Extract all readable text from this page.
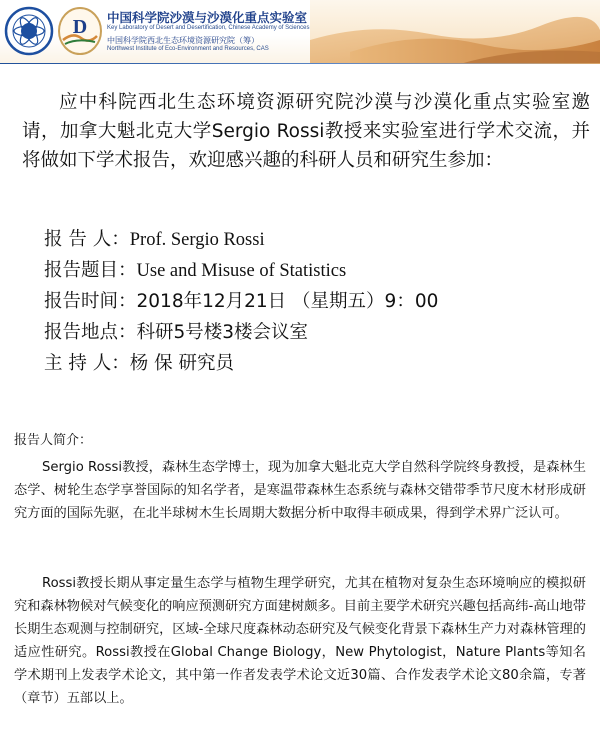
D 中国科学院沙漠与沙漠化重点实验室
Key Laboratory of Desert and Desertification, Chinese Academy of Sciences
中国科学院西北生态环境资源研究院（筹）
Northwest Institute of Eco-Environment and Resources, CAS

应中科院西北生态环境资源研究院沙漠与沙漠化重点实验室邀请，加拿大魁北克大学Sergio Rossi教授来实验室进行学术交流，并将做如下学术报告，欢迎感兴趣的科研人员和研究生参加：

报 告 人：Prof. Sergio Rossi
报告题目：Use and Misuse of Statistics
报告时间：2018年12月21日 （星期五）9：00
报告地点：科研5号楼3楼会议室
主 持 人：杨 保 研究员
报告人简介：

Sergio Rossi教授，森林生态学博士，现为加拿大魁北克大学自然科学院终身教授，是森林生态学、树轮生态学享誉国际的知名学者，是寒温带森林生态系统与森林交错带季节尺度木材形成研究方面的国际先驱，在北半球树木生长周期大数据分析中取得丰硕成果，得到学术界广泛认可。

Rossi教授长期从事定量生态学与植物生理学研究，尤其在植物对复杂生态环境响应的模拟研究和森林物候对气候变化的响应预测研究方面建树颇多。目前主要学术研究兴趣包括高纬-高山地带长期生态观测与控制研究，区域-全球尺度森林动态研究及气候变化背景下森林生产力对森林管理的适应性研究。Rossi教授在Global Change Biology，New Phytologist，Nature Plants等知名学术期刊上发表学术论文，其中第一作者发表学术论文近30篇、合作发表学术论文80余篇，专著（章节）五部以上。
